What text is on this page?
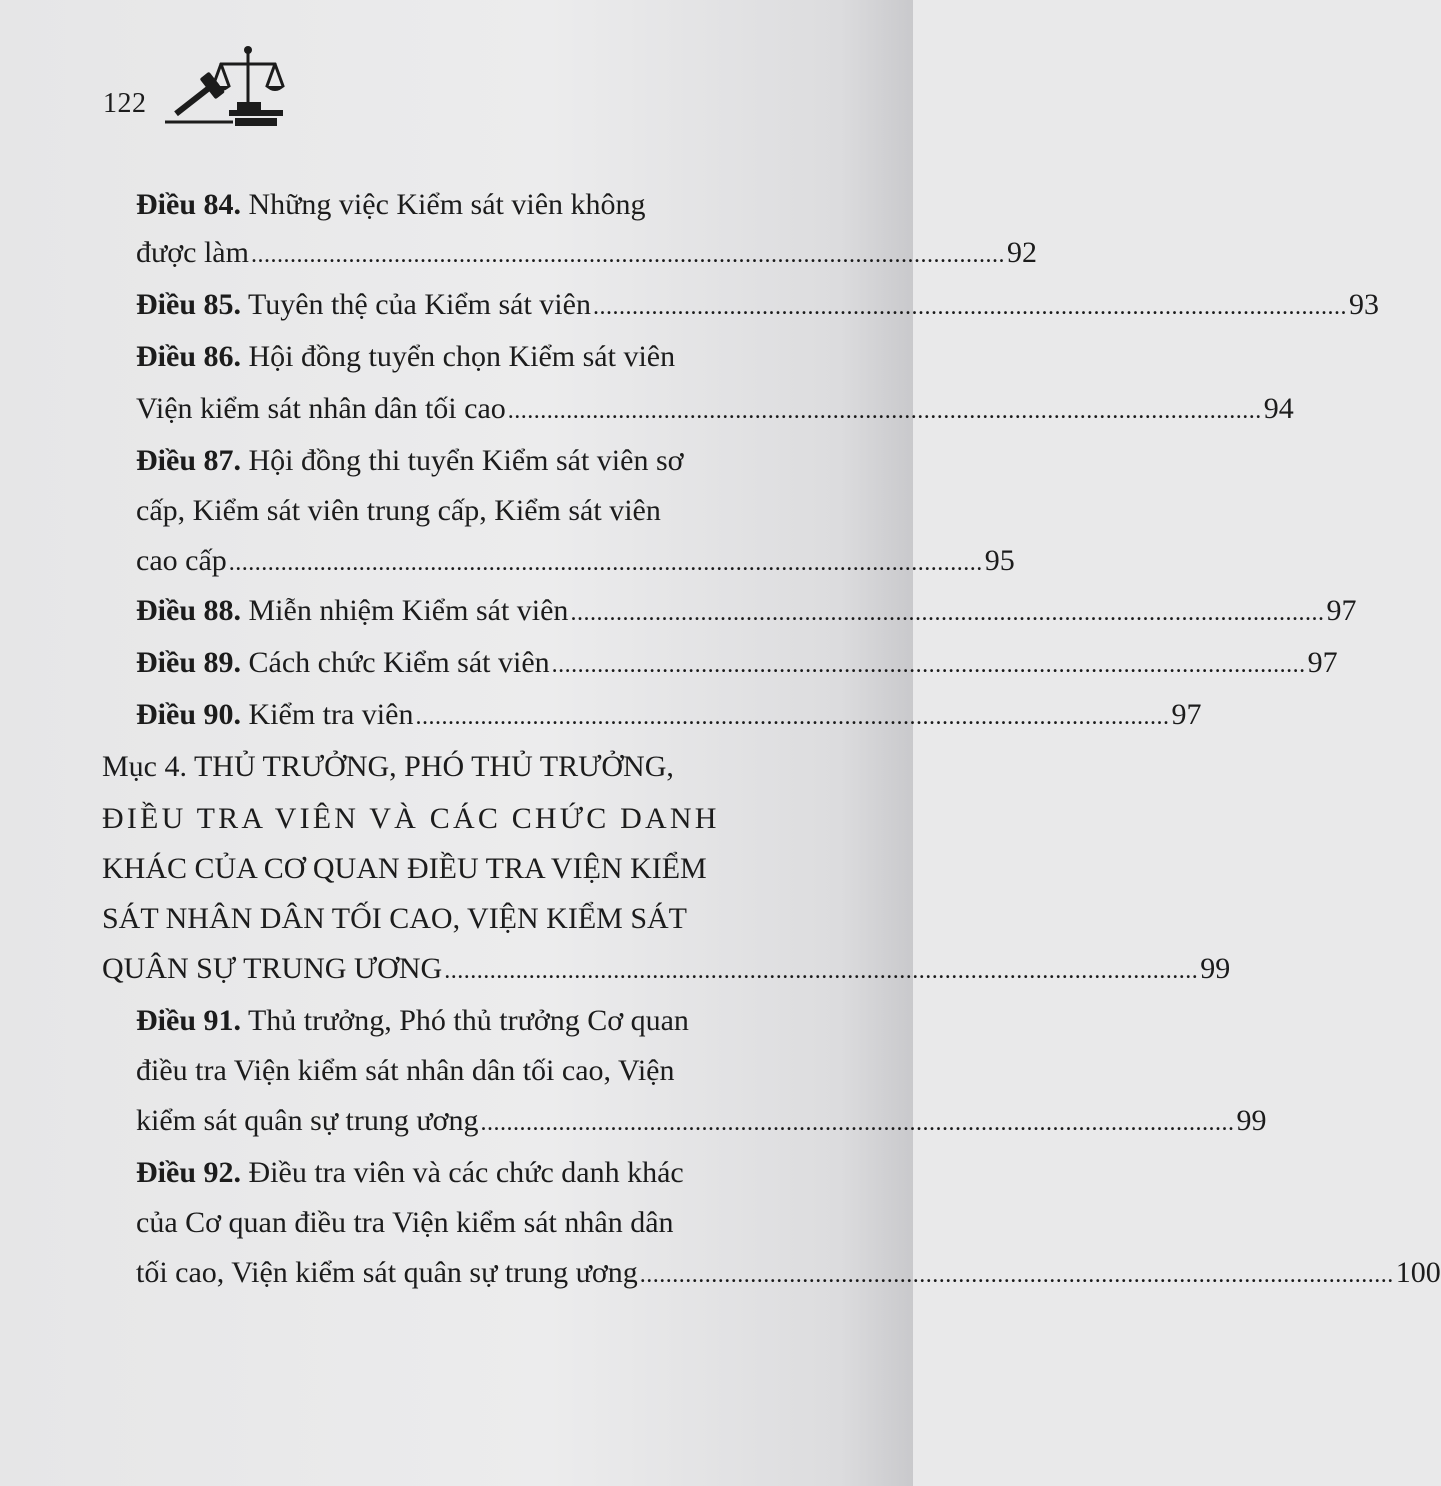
122
Điều 84. Những việc Kiểm sát viên không
được làm .................................................................................................................... 92
Điều 85. Tuyên thệ của Kiểm sát viên .................................................................................................................... 93
Điều 86. Hội đồng tuyển chọn Kiểm sát viên
Viện kiểm sát nhân dân tối cao .................................................................................................................... 94
Điều 87. Hội đồng thi tuyển Kiểm sát viên sơ
cấp, Kiểm sát viên trung cấp, Kiểm sát viên
cao cấp .................................................................................................................... 95
Điều 88. Miễn nhiệm Kiểm sát viên .................................................................................................................... 97
Điều 89. Cách chức Kiểm sát viên .................................................................................................................... 97
Điều 90. Kiểm tra viên .................................................................................................................... 97
Mục 4. THỦ TRƯỞNG, PHÓ THỦ TRƯỞNG,
ĐIỀU TRA VIÊN VÀ CÁC CHỨC DANH
KHÁC CỦA CƠ QUAN ĐIỀU TRA VIỆN KIỂM
SÁT NHÂN DÂN TỐI CAO, VIỆN KIỂM SÁT
QUÂN SỰ TRUNG ƯƠNG .................................................................................................................... 99
Điều 91. Thủ trưởng, Phó thủ trưởng Cơ quan
điều tra Viện kiểm sát nhân dân tối cao, Viện
kiểm sát quân sự trung ương .................................................................................................................... 99
Điều 92. Điều tra viên và các chức danh khác
của Cơ quan điều tra Viện kiểm sát nhân dân
tối cao, Viện kiểm sát quân sự trung ương .................................................................................................................... 100
